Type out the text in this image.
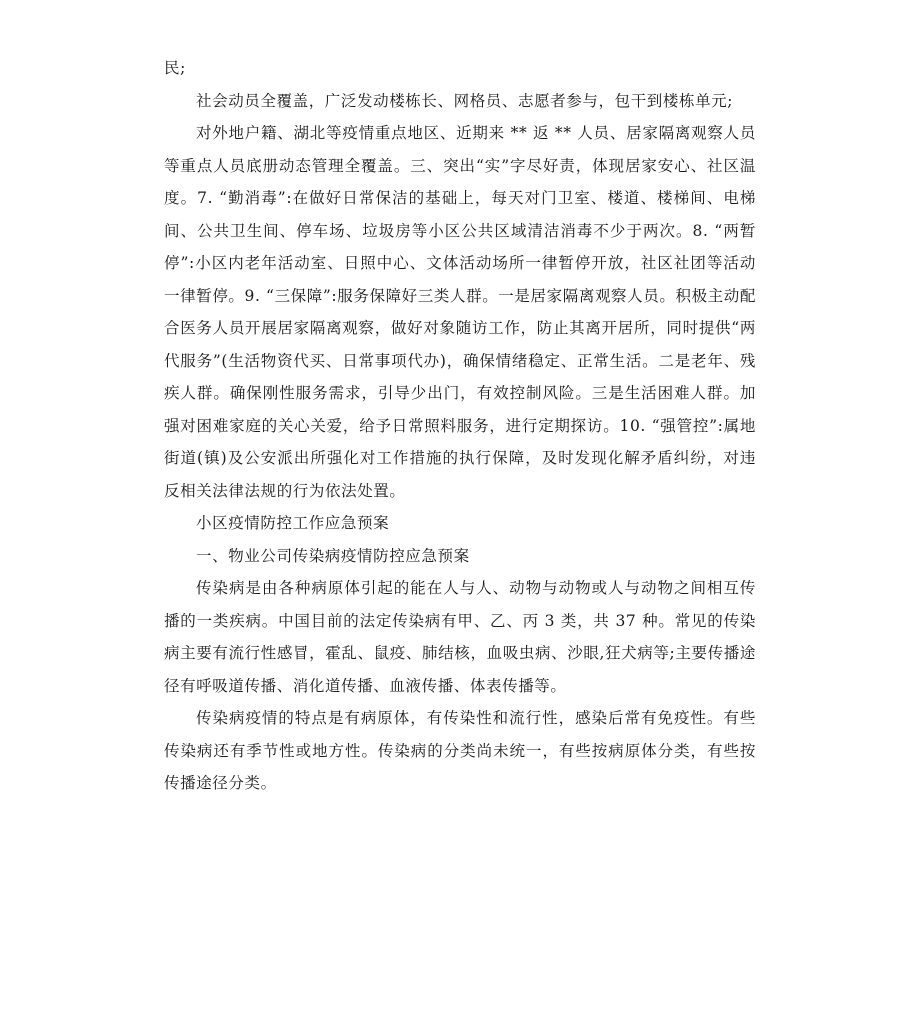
民;

社会动员全覆盖，广泛发动楼栋长、网格员、志愿者参与，包干到楼栋单元;

对外地户籍、湖北等疫情重点地区、近期来 ** 返 ** 人员、居家隔离观察人员等重点人员底册动态管理全覆盖。三、突出“实”字尽好责，体现居家安心、社区温度。7. “勤消毒”:在做好日常保洁的基础上，每天对门卫室、楼道、楼梯间、电梯间、公共卫生间、停车场、垃圾房等小区公共区域清洁消毒不少于两次。8. “两暂停”:小区内老年活动室、日照中心、文体活动场所一律暂停开放，社区社团等活动一律暂停。9. “三保障”:服务保障好三类人群。一是居家隔离观察人员。积极主动配合医务人员开展居家隔离观察，做好对象随访工作，防止其离开居所，同时提供“两代服务”(生活物资代买、日常事项代办)，确保情绪稳定、正常生活。二是老年、残疾人群。确保刚性服务需求，引导少出门，有效控制风险。三是生活困难人群。加强对困难家庭的关心关爱，给予日常照料服务，进行定期探访。10. “强管控”:属地街道(镇)及公安派出所强化对工作措施的执行保障，及时发现化解矛盾纠纷，对违反相关法律法规的行为依法处置。

小区疫情防控工作应急预案

一、物业公司传染病疫情防控应急预案

传染病是由各种病原体引起的能在人与人、动物与动物或人与动物之间相互传播的一类疾病。中国目前的法定传染病有甲、乙、丙 3 类，共 37 种。常见的传染病主要有流行性感冒，霍乱、鼠疫、肺结核，血吸虫病、沙眼,狂犬病等;主要传播途径有呼吸道传播、消化道传播、血液传播、体表传播等。

传染病疫情的特点是有病原体，有传染性和流行性，感染后常有免疫性。有些传染病还有季节性或地方性。传染病的分类尚未统一，有些按病原体分类，有些按传播途径分类。
